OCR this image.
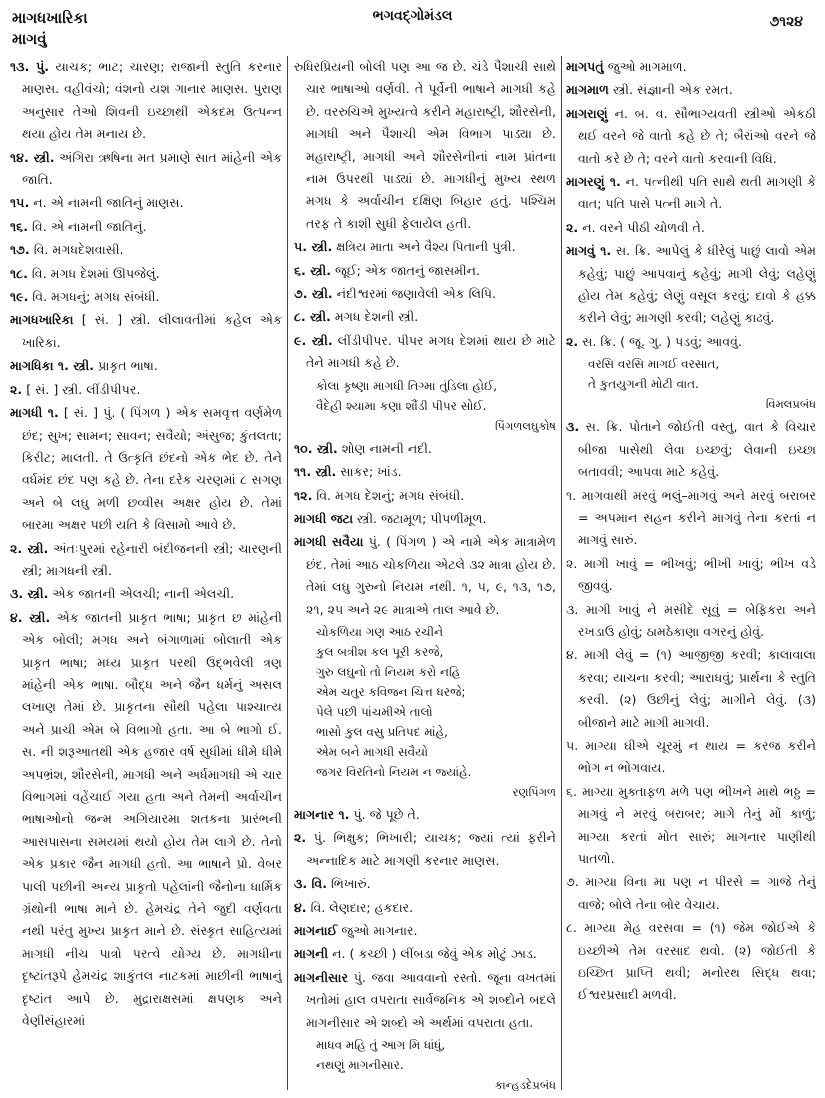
માગધખારિકા
માગવું
ભગવદ્‌ગોમંડલ	૭૧૨૪

૧૩. પું. યાચક; ભાટ; ચારણ; રાજાની સ્તુતિ કરનાર માણસ. વહીવંચો; વંશનો યશ ગાનાર માણસ. પુરાણ અનુસાર તેઓ શિવની ઇચ્છાથી એકદમ ઉત્પન્ન થયા હોય તેમ મનાય છે.

૧૪. સ્ત્રી. અંગિરા ઋષિના મત પ્રમાણે સાત માંહેની એક જાતિ.

૧૫. ન. એ નામની જાતિનું માણસ.

૧૬. વિ. એ નામની જાતિનું.

૧૭. વિ. મગધદેશવાસી.

૧૮. વિ. મગધ દેશમાં ઊપજેલું.

૧૯. વિ. મગધનું; મગધ સંબંધી.

માગધખારિકા [ સં. ] સ્ત્રી. લીલાવતીમાં કહેલ એક ખારિકા.

માગધિકા ૧. સ્ત્રી. પ્રાકૃત ભાષા.

૨. [ સં. ] સ્ત્રી. લીંડીપીપર.

માગધી ૧. [ સં. ] પું. ( પિંગળ ) એક સમવૃત્ત વર્ણમેળ છંદ; સુખ; સામન; સાવન; સવૈયો; અંસુજ; કુંતલતા; કિરીટ; માલતી. તે ઉત્કૃતિ છંદનો એક ભેદ છે. તેને વર્ધમંદ છંદ પણ કહે છે. તેના દરેક ચરણમાં ૮ સગણ અને બે લઘુ મળી છવ્વીસ અક્ષર હોય છે. તેમાં બારમા અક્ષર પછી યતિ કે વિસામો આવે છે.

૨. સ્ત્રી. અંતઃપુરમાં રહેનારી બંદીજનની સ્ત્રી; ચારણની સ્ત્રી; માગધની સ્ત્રી.

૩. સ્ત્રી. એક જાતની એલચી; નાની એલચી.

૪. સ્ત્રી. એક જાતની પ્રાકૃત ભાષા; પ્રાકૃત છ માંહેની એક બોલી; મગધ અને બંગાળામાં બોલાતી એક પ્રાકૃત ભાષા; મધ્ય પ્રાકૃત પરથી ઉદ્‌ભવેલી ત્રણ માંહેની એક ભાષા. બૌદ્ધ અને જૈન ધર્મનું અસલ લખાણ તેમાં છે. પ્રાકૃતના સૌથી પહેલા પાશ્ચાત્ય અને પ્રાચી એમ બે વિભાગો હતા. આ બે ભાગો ઈ. સ. ની શરૂઆતથી એક હજાર વર્ષ સુધીમાં ધીમે ધીમે અપભ્રંશ, શૌરસેની, માગધી અને અર્ધમાગધી એ ચાર વિભાગમાં વહેંચાઈ ગયા હતા અને તેમની અર્વાચીન ભાષાઓનો જન્મ અગિયારમા શતકના પ્રારંભની આસપાસના સમયમાં થયો હોય તેમ લાગે છે. તેનો એક પ્રકાર જૈન માગધી હતો. આ ભાષાને પ્રો. વેબર પાલી પછીની અન્ય પ્રાકૃતો પહેલાંની જૈનોના ધાર્મિક ગ્રંથોની ભાષા માને છે. હેમચંદ્ર તેને જુદી વર્ણવતા નથી પરંતુ મુખ્ય પ્રાકૃત માને છે. સંસ્કૃત સાહિત્યમાં માગધી નીચ પાત્રો પરત્વે યોગ્ય છે. માગધીના દૃષ્ટાંતરૂપે હેમચંદ્ર શાકુંતલ નાટકમાં માછીની ભાષાનું દૃષ્ટાંત આપે છે. મુદ્રારાક્ષસમાં ક્ષપણક અને વેણીસંહારમાં

રુધિરપ્રિયની બોલી પણ આ જ છે. ચંડે પૈશાચી સાથે ચાર ભાષાઓ વર્ણવી. તે પૂર્વેની ભાષાને માગધી કહે છે. વરરુચિએ મુખ્યત્વે કરીને મહારાષ્ટ્રી, શૌરસેની, માગધી અને પૈશાચી એમ વિભાગ પાડ્યા છે. મહારાષ્ટ્રી, માગધી અને શૌરસેનીનાં નામ પ્રાંતના નામ ઉપરથી પાડ્યાં છે. માગધીનું મુખ્ય સ્થળ મગધ કે અર્વાચીન દક્ષિણ બિહાર હતું. પશ્ચિમ તરફ તે કાશી સુધી ફેલાયેલ હતી.

૫. સ્ત્રી. ક્ષત્રિય માતા અને વૈશ્ય પિતાની પુત્રી.

૬. સ્ત્રી. જૂઈ; એક જાતનું જાસમીન.

૭. સ્ત્રી. નંદીશ્વરમાં જણાવેલી એક લિપિ.

૮. સ્ત્રી. મગધ દેશની સ્ત્રી.

૯. સ્ત્રી. લીંડીપીપર. પીપર મગધ દેશમાં થાય છે માટે તેને માગધી કહે છે.

કોલા કૃષ્ણા માગધી તિગ્મા તુંડિલા હોઈ,
વૈદેહી શ્યામા કણા શૌંડી પીપર સોઈ.
પિંગળલઘુકોષ

૧૦. સ્ત્રી. શોણ નામની નદી.

૧૧. સ્ત્રી. સાકર; ખાંડ.

૧૨. વિ. મગધ દેશનું; મગધ સંબંધી.

માગધી જટા સ્ત્રી. જટામૂળ; પીપળીમૂળ.

માગધી સવૈયા પું. ( પિંગળ ) એ નામે એક માત્રામેળ છંદ. તેમાં આઠ ચોકળિયા એટલે ૩૨ માત્રા હોય છે. તેમાં લઘુ ગુરુનો નિયમ નથી. ૧, ૫, ૯, ૧૩, ૧૭, ૨૧, ૨૫ અને ૨૯ માત્રાએ તાલ આવે છે.

ચોકળિયા ગણ આઠ રચીને
કુલ બત્રીશ કલ પૂરી કરજે,
ગુરુ લઘુનો તો નિયમ કરો નહિ
એમ ચતુર કવિજન ચિત્ત ધરજે;
પેલે પછી પાંચમીએ તાલો
ભાસો કુલ વસુ પ્રતિપદ માંહે,
એમ બને માગધી સવૈયો
જગર વિરતિનો નિયમ ન જ્યાંહે.
રણપિંગળ

માગનાર ૧. પું. જે પૂછે તે.

૨. પું. ભિક્ષુક; ભિખારી; યાચક; જ્યાં ત્યાં ફરીને અન્નાદિક માટે માગણી કરનાર માણસ.

૩. વિ. ભિખારું.

૪. વિ. લેણદાર; હકદાર.

માગનાઈ જુઓ માગનાર.

માગની ન. ( કચ્છી ) લીંબડા જેવું એક મોટું ઝાડ.

માગનીસાર પું. જવા આવવાનો રસ્તો. જૂના વખતમાં ખતોમાં હાલ વપરાતા સાર્વજનિક એ શબ્દોને બદલે માગનીસાર એ શબ્દો એ અર્થમાં વપરાતા હતા.

માધવ મહિ તું આગ મિ ધાંધું,
નથણું માગનીસાર.
કાન્હડદેપ્રબંધ

માગપતું જુઓ માગમાળ.

માગમાળ સ્ત્રી. સંજ્ઞાની એક રમત.

માગરાણું ન. બ. વ. સૌભાગ્યવતી સ્ત્રીઓ એકઠી થઈ વરને જે વાતો કહે છે તે; બૈરાંઓ વરને જે વાતો કરે છે તે; વરને વાતો કરવાની વિધિ.

માગરણું ૧. ન. પત્નીથી પતિ સાથે થતી માગણી કે વાત; પતિ પાસે પત્ની માગે તે.

૨. ન. વરને પીઠી ચોળવી તે.

માગવું ૧. સ. ક્રિ. આપેલું કે ધીરેલું પાછું લાવો એમ કહેવું; પાછું આપવાનું કહેવું; માગી લેવું; લહેણું હોય તેમ કહેવું; લેણું વસૂલ કરવું; દાવો કે હક્ક કરીને લેવું; માગણી કરવી; લહેણું કાઢવું.

૨. સ. ક્રિ. ( જૂ. ગુ. ) પડવું; આવવું.

વરસિ વરસિ માગઈ વરસાત,
તે કુતયુગની મોટી વાત.
વિમલપ્રબંધ

૩. સ. ક્રિ. પોતાને જોઈતી વસ્તુ, વાત કે વિચાર બીજા પાસેથી લેવા ઇચ્છવું; લેવાની ઇચ્છા બતાવવી; આપવા માટે કહેવું.

૧. માગવાથી મરવું ભલું–માગવું અને મરવું બરાબર = અપમાન સહન કરીને માગવું તેના કરતાં ન માગવું સારું.

૨. માગી ખાવું = ભીખવું; ભીખી ખાવું; ભીખ વડે જીવવું.

૩. માગી ખાવું ને મસીદે સૂવું = બેફિકરા અને રખડાઉ હોવું; ઠામઠેકાણા વગરનું હોવું.

૪. માગી લેવું = (૧) આજીજી કરવી; કાલાવાલા કરવા; યાચના કરવી; આરાધવું; પ્રાર્થના કે સ્તુતિ કરવી. (૨) ઉછીનું લેવું; માગીને લેવું. (૩) બીજાને માટે માગી માગવી.

૫. માગ્યા ઘીએ ચૂરમું ન થાય = કરજ કરીને ભોગ ન ભોગવાય.

૬. માગ્યા મુક્તાફળ મળે પણ ભીખને માથે ભઠ્ઠ = માગવું ને મરવું બરાબર; માગે તેનું મોં કાળું; માગ્યા કરતાં મોત સારું; માગનાર પાણીથી પાતળો.

૭. માગ્યા વિના મા પણ ન પીરસે = ગાજે તેનું વાજે; બોલે તેના બોર વેચાય.

૮. માગ્યા મેહ વરસવા = (૧) જેમ જોઈએ કે ઇચ્છીએ તેમ વરસાદ થવો. (૨) જોઈતી કે ઇચ્છિત પ્રાપ્તિ થવી; મનોરથ સિદ્ધ થવા; ઈશ્વરપ્રસાદી મળવી.
